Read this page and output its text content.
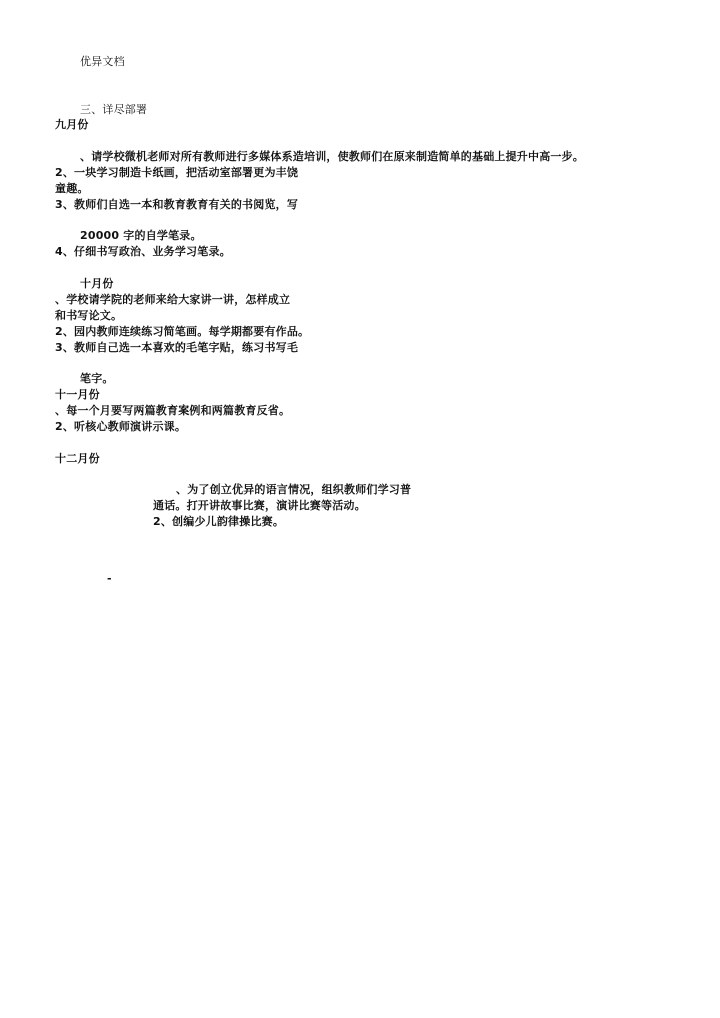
优异文档
三、详尽部署
九月份
、请学校微机老师对所有教师进行多媒体系造培训，使教师们在原来制造简单的基础上提升中高一步。
2、一块学习制造卡纸画，把活动室部署更为丰饶
童趣。
3、教师们自选一本和教育教育有关的书阅览，写
20000 字的自学笔录。
4、仔细书写政治、业务学习笔录。
十月份
、学校请学院的老师来给大家讲一讲，怎样成立
和书写论文。
2、园内教师连续练习简笔画。每学期都要有作品。
3、教师自己选一本喜欢的毛笔字贴，练习书写毛
笔字。
十一月份
、每一个月要写两篇教育案例和两篇教育反省。
2、听核心教师演讲示课。
十二月份
、为了创立优异的语言情况，组织教师们学习普
通话。打开讲故事比赛，演讲比赛等活动。
2、创编少儿韵律操比赛。
-
